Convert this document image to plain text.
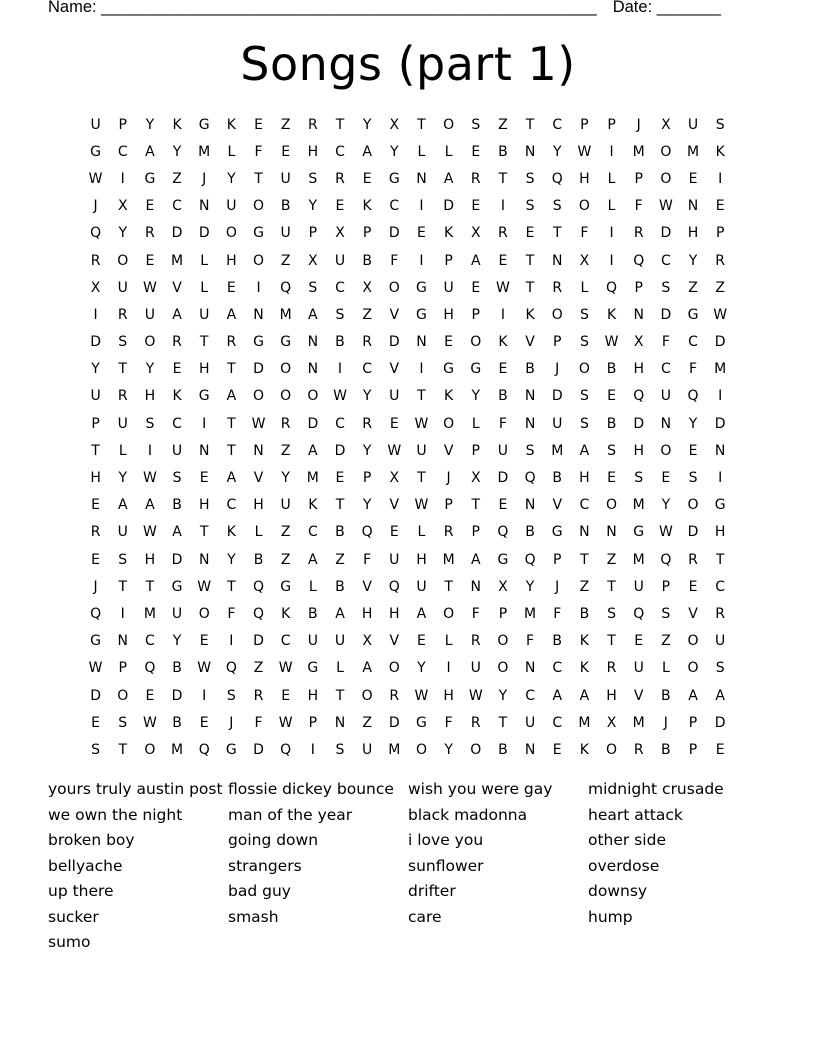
Name: ______________________________________________________ Date: _______
Songs (part 1)
U	P	Y	K	G	K	E	Z	R	T	Y	X	T	O	S	Z	T	C	P	P	J	X	U	S
G	C	A	Y	M	L	F	E	H	C	A	Y	L	L	E	B	N	Y	W	I	M	O	M	K
W	I	G	Z	J	Y	T	U	S	R	E	G	N	A	R	T	S	Q	H	L	P	O	E	I
J	X	E	C	N	U	O	B	Y	E	K	C	I	D	E	I	S	S	O	L	F	W	N	E
Q	Y	R	D	D	O	G	U	P	X	P	D	E	K	X	R	E	T	F	I	R	D	H	P
R	O	E	M	L	H	O	Z	X	U	B	F	I	P	A	E	T	N	X	I	Q	C	Y	R
X	U	W	V	L	E	I	Q	S	C	X	O	G	U	E	W	T	R	L	Q	P	S	Z	Z
I	R	U	A	U	A	N	M	A	S	Z	V	G	H	P	I	K	O	S	K	N	D	G	W
D	S	O	R	T	R	G	G	N	B	R	D	N	E	O	K	V	P	S	W	X	F	C	D
Y	T	Y	E	H	T	D	O	N	I	C	V	I	G	G	E	B	J	O	B	H	C	F	M
U	R	H	K	G	A	O	O	O	W	Y	U	T	K	Y	B	N	D	S	E	Q	U	Q	I
P	U	S	C	I	T	W	R	D	C	R	E	W	O	L	F	N	U	S	B	D	N	Y	D
T	L	I	U	N	T	N	Z	A	D	Y	W	U	V	P	U	S	M	A	S	H	O	E	N
H	Y	W	S	E	A	V	Y	M	E	P	X	T	J	X	D	Q	B	H	E	S	E	S	I
E	A	A	B	H	C	H	U	K	T	Y	V	W	P	T	E	N	V	C	O	M	Y	O	G
R	U	W	A	T	K	L	Z	C	B	Q	E	L	R	P	Q	B	G	N	N	G	W	D	H
E	S	H	D	N	Y	B	Z	A	Z	F	U	H	M	A	G	Q	P	T	Z	M	Q	R	T
J	T	T	G	W	T	Q	G	L	B	V	Q	U	T	N	X	Y	J	Z	T	U	P	E	C
Q	I	M	U	O	F	Q	K	B	A	H	H	A	O	F	P	M	F	B	S	Q	S	V	R
G	N	C	Y	E	I	D	C	U	U	X	V	E	L	R	O	F	B	K	T	E	Z	O	U
W	P	Q	B	W	Q	Z	W	G	L	A	O	Y	I	U	O	N	C	K	R	U	L	O	S
D	O	E	D	I	S	R	E	H	T	O	R	W	H	W	Y	C	A	A	H	V	B	A	A
E	S	W	B	E	J	F	W	P	N	Z	D	G	F	R	T	U	C	M	X	M	J	P	D
S	T	O	M	Q	G	D	Q	I	S	U	M	O	Y	O	B	N	E	K	O	R	B	P	E
yours truly austin post
we own the night
broken boy
bellyache
up there
sucker
sumo
flossie dickey bounce
man of the year
going down
strangers
bad guy
smash
wish you were gay
black madonna
i love you
sunflower
drifter
care
midnight crusade
heart attack
other side
overdose
downsy
hump
